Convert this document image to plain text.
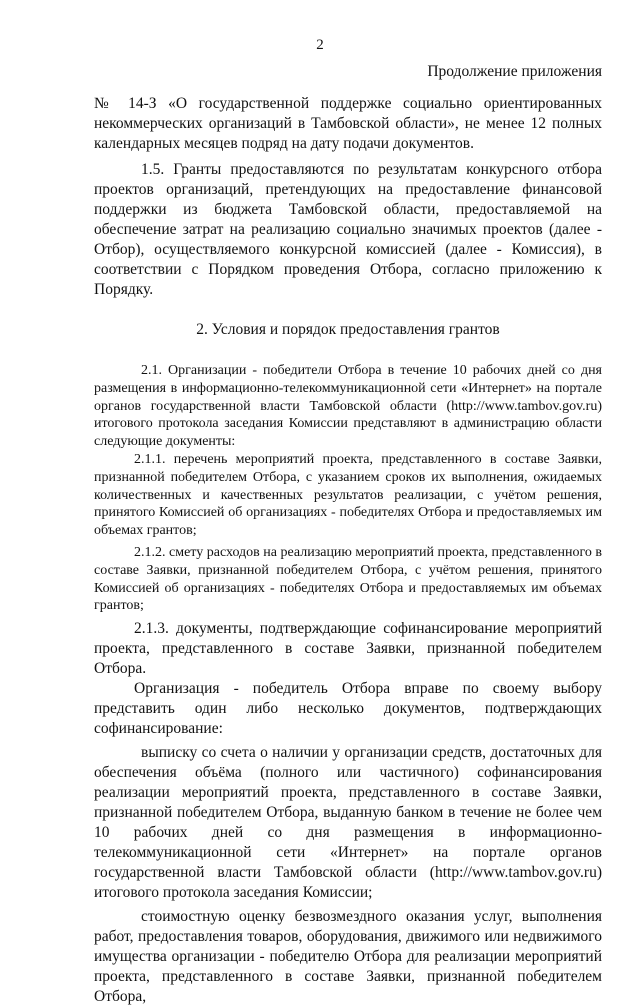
2
Продолжение приложения

№ 14-З «О государственной поддержке социально ориентированных некоммерческих организаций в Тамбовской области», не менее 12 полных календарных месяцев подряд на дату подачи документов.

1.5. Гранты предоставляются по результатам конкурсного отбора проектов организаций, претендующих на предоставление финансовой поддержки из бюджета Тамбовской области, предоставляемой на обеспечение затрат на реализацию социально значимых проектов (далее - Отбор), осуществляемого конкурсной комиссией (далее - Комиссия), в соответствии с Порядком проведения Отбора, согласно приложению к Порядку.

2. Условия и порядок предоставления грантов

2.1. Организации - победители Отбора в течение 10 рабочих дней со дня размещения в информационно-телекоммуникационной сети «Интернет» на портале органов государственной власти Тамбовской области (http://www.tambov.gov.ru) итогового протокола заседания Комиссии представляют в администрацию области следующие документы:

2.1.1. перечень мероприятий проекта, представленного в составе Заявки, признанной победителем Отбора, с указанием сроков их выполнения, ожидаемых количественных и качественных результатов реализации, с учётом решения, принятого Комиссией об организациях - победителях Отбора и предоставляемых им объемах грантов;

2.1.2. смету расходов на реализацию мероприятий проекта, представленного в составе Заявки, признанной победителем Отбора, с учётом решения, принятого Комиссией об организациях - победителях Отбора и предоставляемых им объемах грантов;

2.1.3. документы, подтверждающие софинансирование мероприятий проекта, представленного в составе Заявки, признанной победителем Отбора.

Организация - победитель Отбора вправе по своему выбору представить один либо несколько документов, подтверждающих софинансирование:

выписку со счета о наличии у организации средств, достаточных для обеспечения объёма (полного или частичного) софинансирования реализации мероприятий проекта, представленного в составе Заявки, признанной победителем Отбора, выданную банком в течение не более чем 10 рабочих дней со дня размещения в информационно-телекоммуникационной сети «Интернет» на портале органов государственной власти Тамбовской области (http://www.tambov.gov.ru) итогового протокола заседания Комиссии;

стоимостную оценку безвозмездного оказания услуг, выполнения работ, предоставления товаров, оборудования, движимого или недвижимого имущества организации - победителю Отбора для реализации мероприятий проекта, представленного в составе Заявки, признанной победителем Отбора,
